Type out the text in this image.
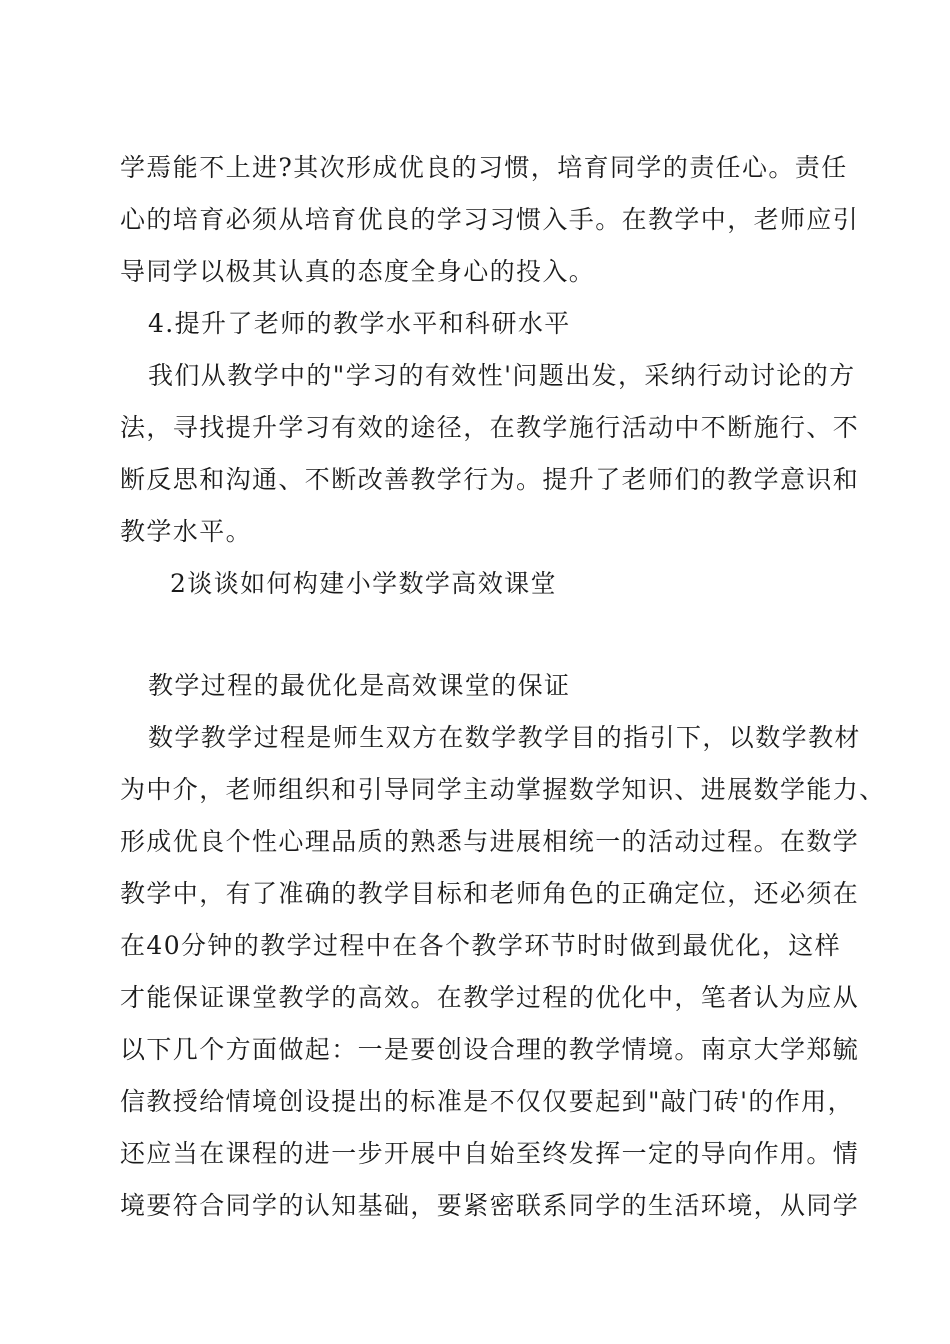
学焉能不上进?其次形成优良的习惯，培育同学的责任心。责任
心的培育必须从培育优良的学习习惯入手。在教学中，老师应引
导同学以极其认真的态度全身心的投入。
4.提升了老师的教学水平和科研水平
我们从教学中的"学习的有效性'问题出发，采纳行动讨论的方
法，寻找提升学习有效的途径，在教学施行活动中不断施行、不
断反思和沟通、不断改善教学行为。提升了老师们的教学意识和
教学水平。
2谈谈如何构建小学数学高效课堂
教学过程的最优化是高效课堂的保证
数学教学过程是师生双方在数学教学目的指引下，以数学教材
为中介，老师组织和引导同学主动掌握数学知识、进展数学能力、
形成优良个性心理品质的熟悉与进展相统一的活动过程。在数学
教学中，有了准确的教学目标和老师角色的正确定位，还必须在
在40分钟的教学过程中在各个教学环节时时做到最优化，这样
才能保证课堂教学的高效。在教学过程的优化中，笔者认为应从
以下几个方面做起：一是要创设合理的教学情境。南京大学郑毓
信教授给情境创设提出的标准是不仅仅要起到"敲门砖'的作用，
还应当在课程的进一步开展中自始至终发挥一定的导向作用。情
境要符合同学的认知基础，要紧密联系同学的生活环境，从同学
